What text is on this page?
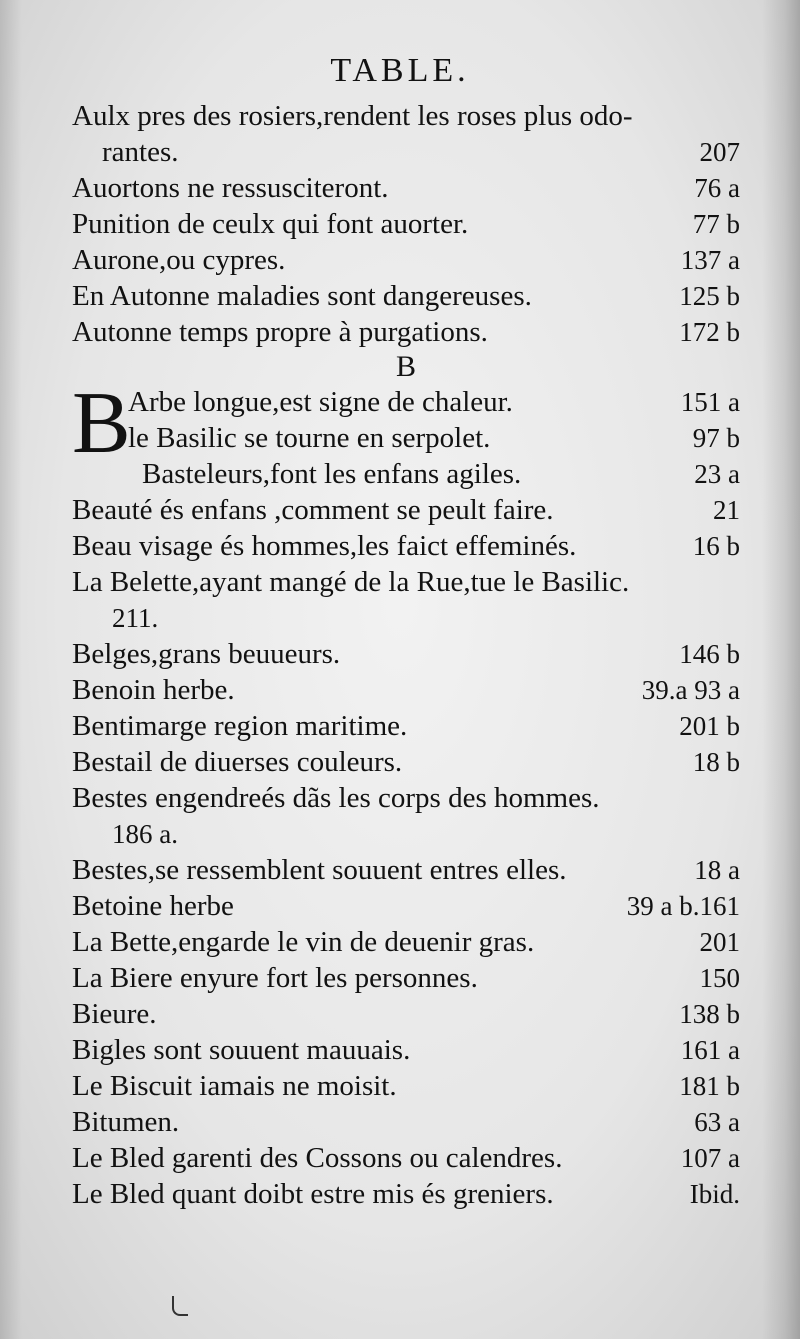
TABLE.
Aulx pres des rosiers,rendent les roses plus odo-
rantes.	207
Auortons ne ressusciteront.	76 a
Punition de ceulx qui font auorter.	77 b
Aurone,ou cypres.	137 a
En Autonne maladies sont dangereuses.	125 b
Autonne temps propre à purgations.	172 b
B
B
Arbe longue,est signe de chaleur.	151 a
le Basilic se tourne en serpolet.	97 b
Basteleurs,font les enfans agiles.	23 a
Beauté és enfans ,comment se peult faire.	21
Beau visage és hommes,les faict effeminés.	16 b
La Belette,ayant mangé de la Rue,tue le Basilic.
211.
Belges,grans beuueurs.	146 b
Benoin herbe.	39.a 93 a
Bentimarge region maritime.	201 b
Bestail de diuerses couleurs.	18 b
Bestes engendreés dãs les corps des hommes.
186 a.
Bestes,se ressemblent souuent entres elles.	18 a
Betoine herbe	39 a b.161
La Bette,engarde le vin de deuenir gras.	201
La Biere enyure fort les personnes.	150
Bieure.	138 b
Bigles sont souuent mauuais.	161 a
Le Biscuit iamais ne moisit.	181 b
Bitumen.	63 a
Le Bled garenti des Cossons ou calendres.	107 a
Le Bled quant doibt estre mis és greniers.	Ibid.
